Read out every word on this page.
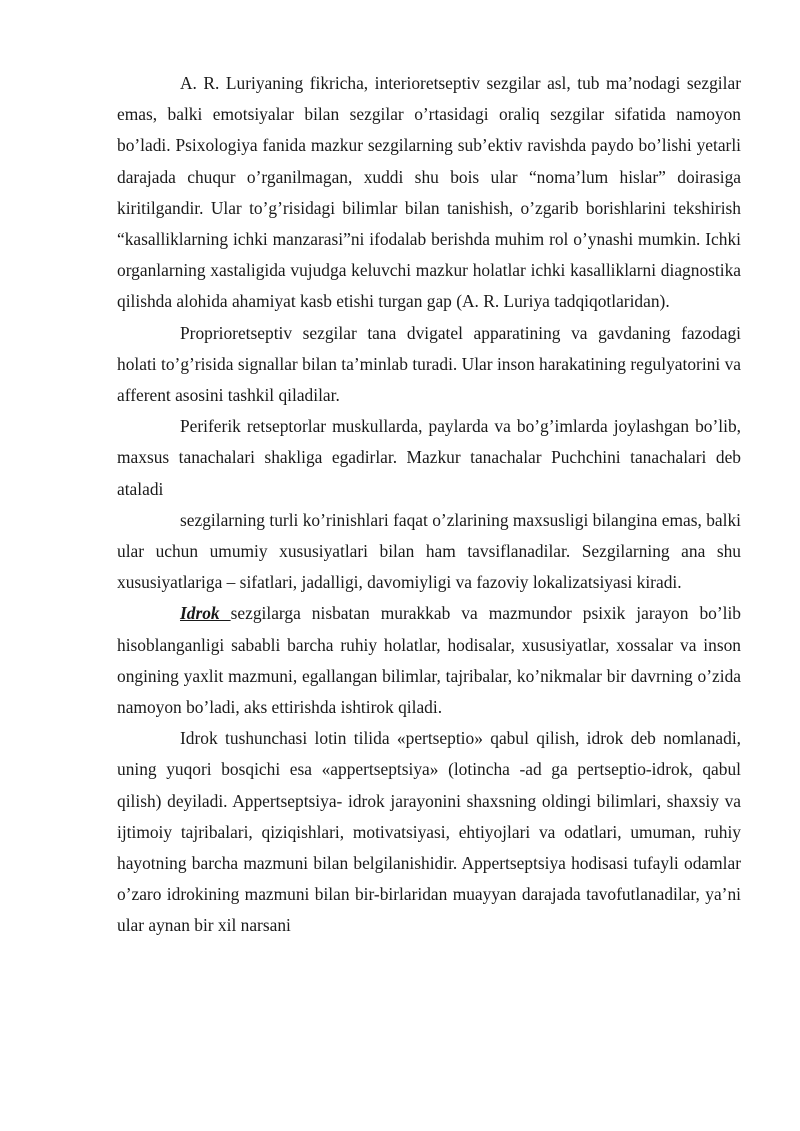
A. R. Luriyaning fikricha, interioretseptiv sezgilar asl, tub ma’nodagi sezgilar emas, balki emotsiyalar bilan sezgilar o’rtasidagi oraliq sezgilar sifatida namoyon bo’ladi. Psixologiya fanida mazkur sezgilarning sub’ektiv ravishda paydo bo’lishi yetarli darajada chuqur o’rganilmagan, xuddi shu bois ular “noma’lum hislar” doirasiga kiritilgandir. Ular to’g’risidagi bilimlar bilan tanishish, o’zgarib borishlarini tekshirish “kasalliklarning ichki manzarasi”ni ifodalab berishda muhim rol o’ynashi mumkin. Ichki organlarning xastaligida vujudga keluvchi mazkur holatlar ichki kasalliklarni diagnostika qilishda alohida ahamiyat kasb etishi turgan gap (A. R. Luriya tadqiqotlaridan).

Proprioretseptiv sezgilar tana dvigatel apparatining va gavdaning fazodagi holati to’g’risida signallar bilan ta’minlab turadi. Ular inson harakatining regulyatorini va afferent asosini tashkil qiladilar.

Periferik retseptorlar muskullarda, paylarda va bo’g’imlarda joylashgan bo’lib, maxsus tanachalari shakliga egadirlar. Mazkur tanachalar Puchchini tanachalari deb ataladi

sezgilarning turli ko’rinishlari faqat o’zlarining maxsusligi bilangina emas, balki ular uchun umumiy xususiyatlari bilan ham tavsiflanadilar. Sezgilarning ana shu xususiyatlariga – sifatlari, jadalligi, davomiyligi va fazoviy lokalizatsiyasi kiradi.

Idrok sezgilarga nisbatan murakkab va mazmundor psixik jarayon bo’lib hisoblanganligi sababli barcha ruhiy holatlar, hodisalar, xususiyatlar, xossalar va inson ongining yaxlit mazmuni, egallangan bilimlar, tajribalar, ko’nikmalar bir davrning o’zida namoyon bo’ladi, aks ettirishda ishtirok qiladi.

Idrok tushunchasi lotin tilida «pertseptio» qabul qilish, idrok deb nomlanadi, uning yuqori bosqichi esa «appertseptsiya» (lotincha -ad ga pertseptio-idrok, qabul qilish) deyiladi. Appertseptsiya- idrok jarayonini shaxsning oldingi bilimlari, shaxsiy va ijtimoiy tajribalari, qiziqishlari, motivatsiyasi, ehtiyojlari va odatlari, umuman, ruhiy hayotning barcha mazmuni bilan belgilanishidir. Appertseptsiya hodisasi tufayli odamlar o’zaro idrokining mazmuni bilan bir-birlaridan muayyan darajada tavofutlanadilar, ya’ni ular aynan bir xil narsani
